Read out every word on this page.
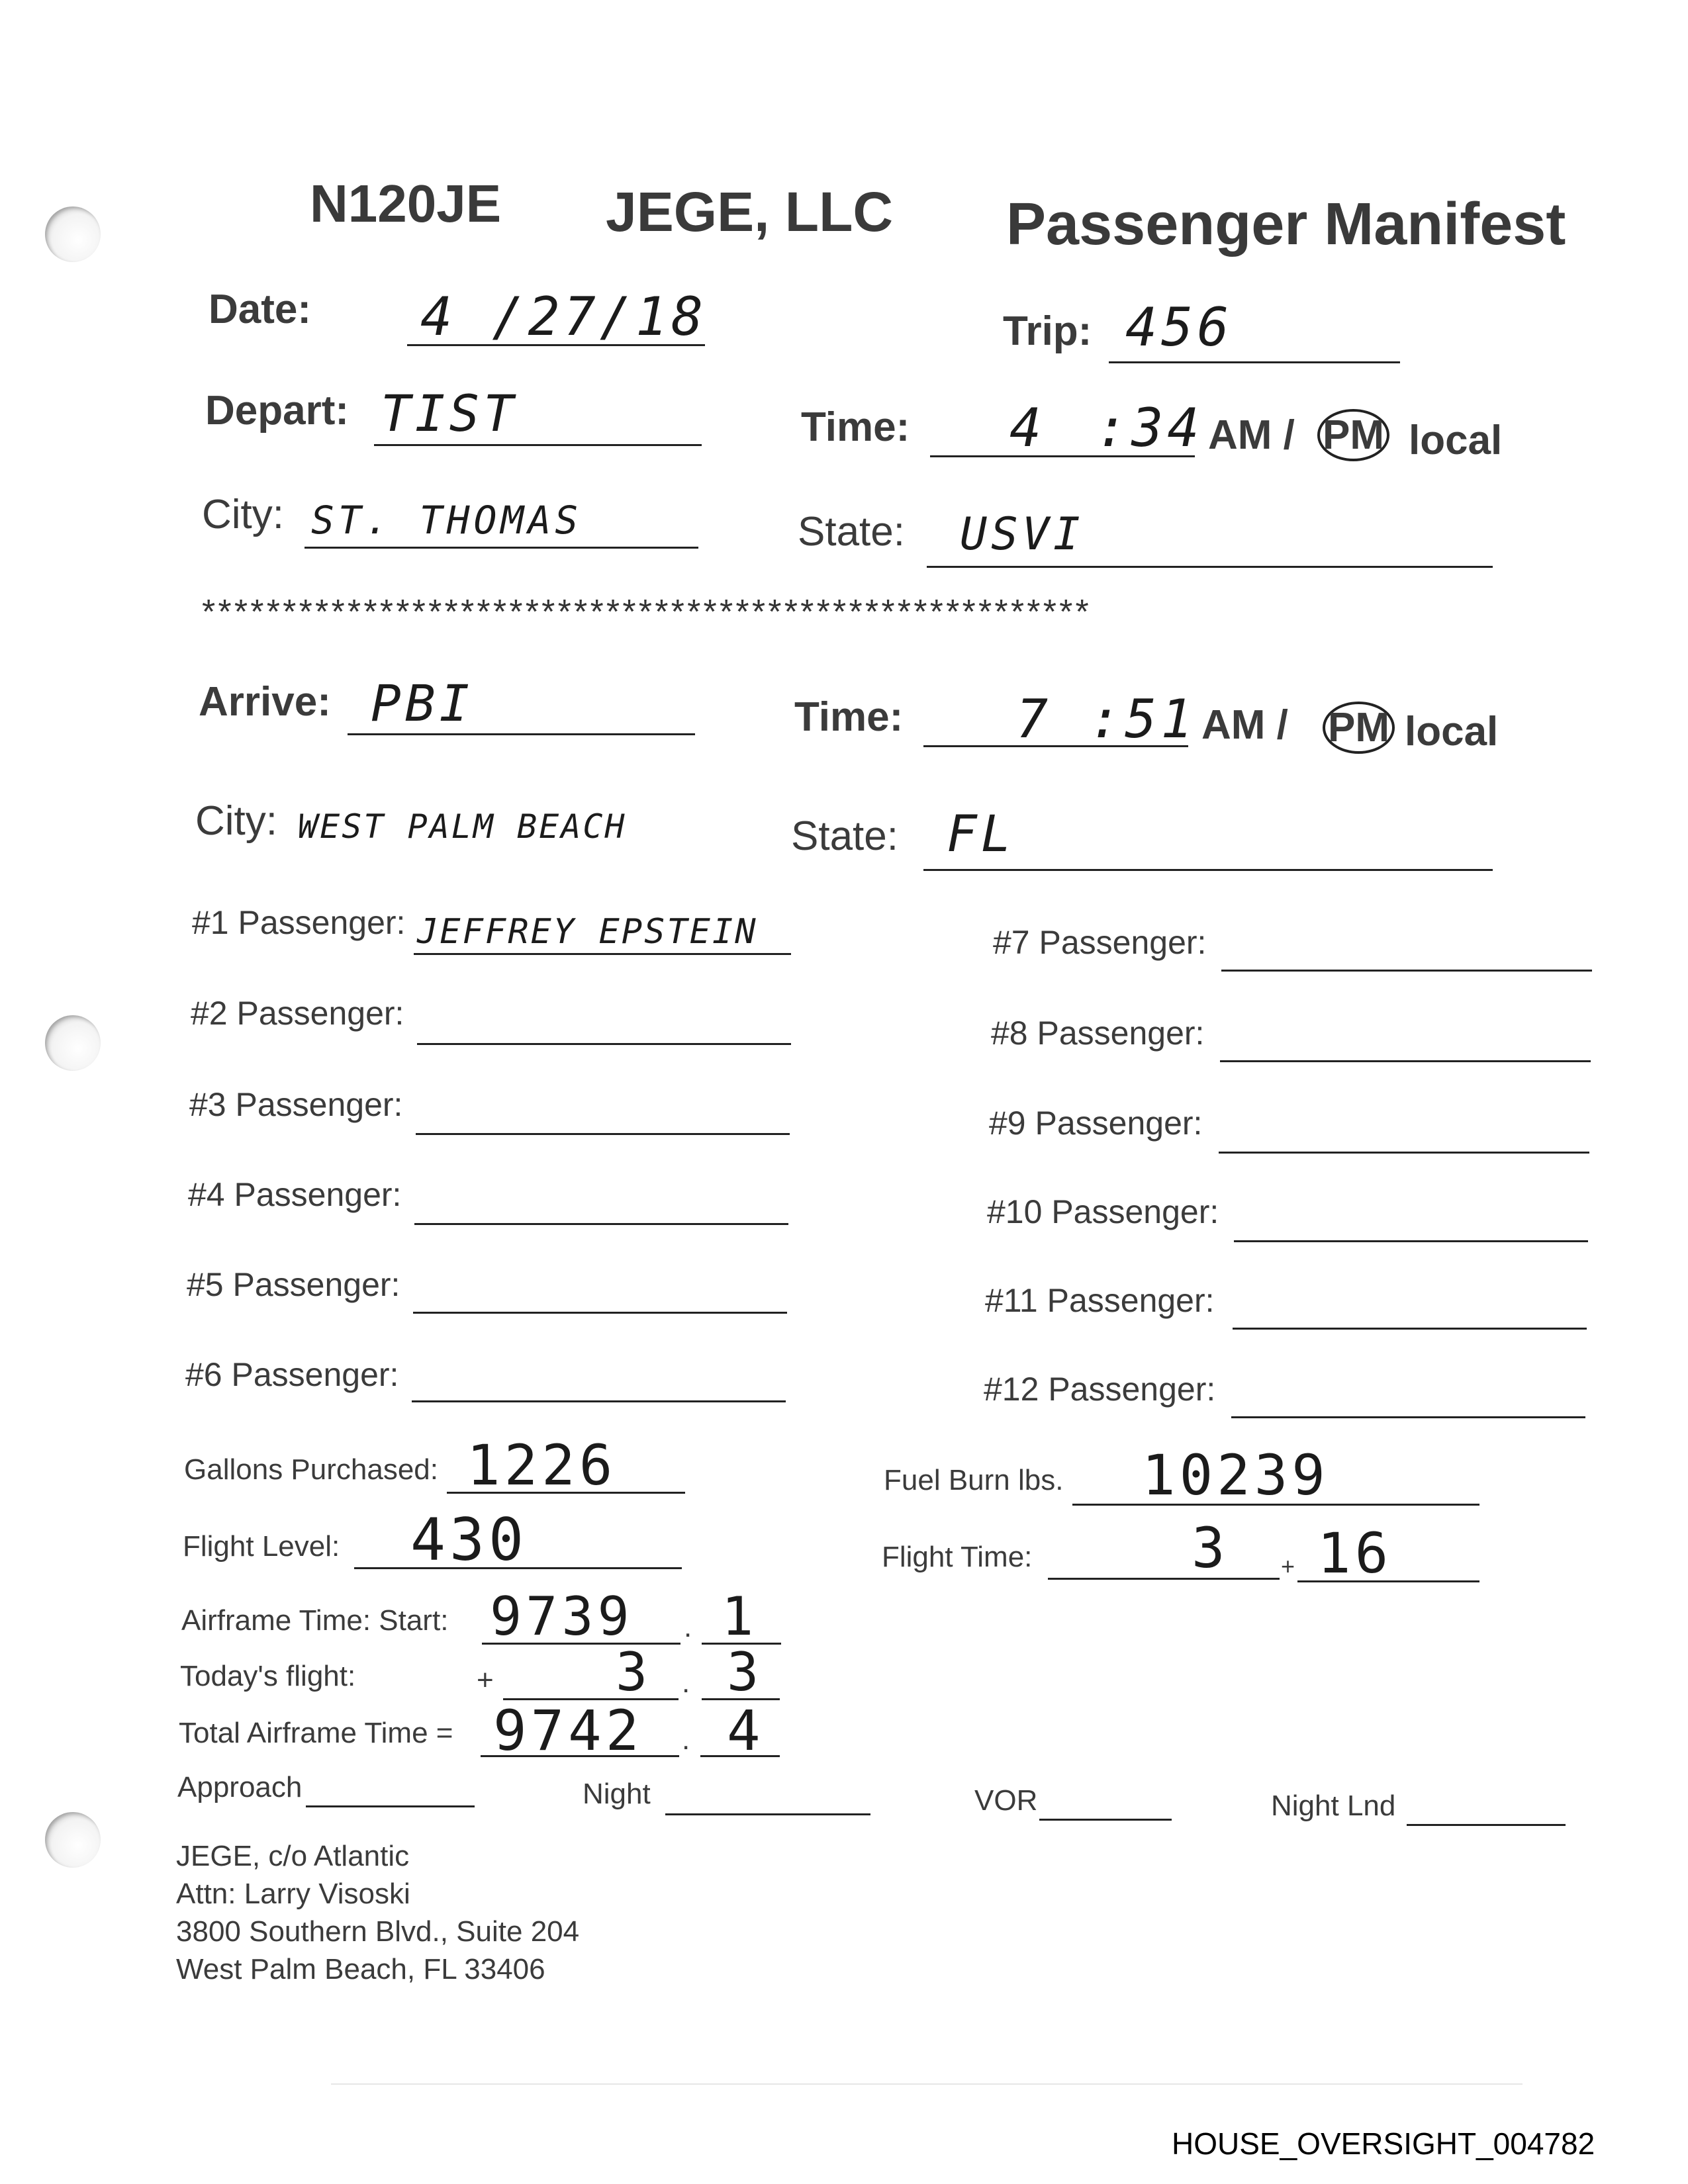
N120JE JEGE, LLC Passenger Manifest
Date: 4 /27/18	Trip: 456
Depart: TIST	Time: 4 :34 AM / PM local
City: ST. THOMAS	State: USVI
*******************************************************
Arrive: PBI	Time: 7 :51 AM / PM local
City: WEST PALM BEACH	State: FL
#1 Passenger: JEFFREY EPSTEIN
#2 Passenger:
#3 Passenger:
#4 Passenger:
#5 Passenger:
#6 Passenger:
#7 Passenger:
#8 Passenger:
#9 Passenger:
#10 Passenger:
#11 Passenger:
#12 Passenger:
Gallons Purchased: 1226	Fuel Burn lbs. 10239
Flight Level: 430	Flight Time:	3 + 16
Airframe Time: Start: 9739 . 1
Today's flight:	+ 3 . 3
Total Airframe Time = 9742 . 4
Approach	Night	VOR	Night Lnd
JEGE, c/o Atlantic
Attn: Larry Visoski
3800 Southern Blvd., Suite 204
West Palm Beach, FL 33406
HOUSE_OVERSIGHT_004782
